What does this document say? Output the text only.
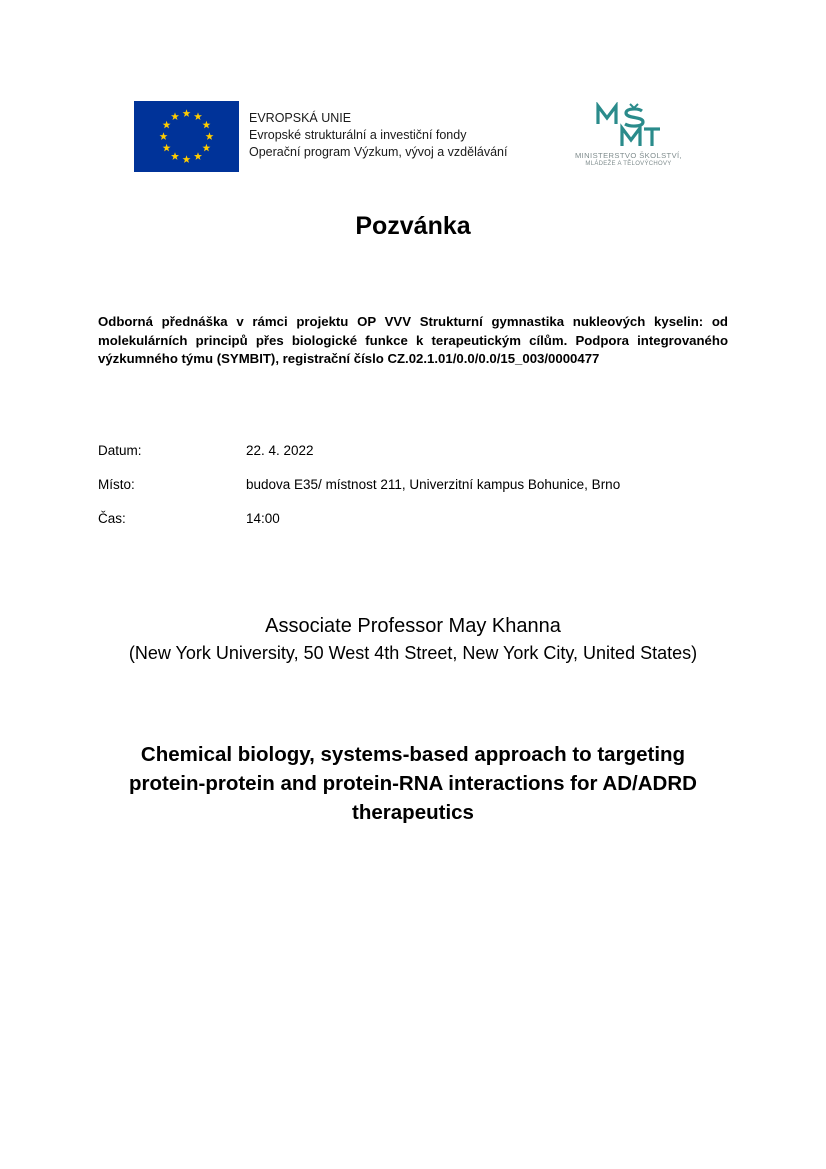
EVROPSKÁ UNIE
Evropské strukturální a investiční fondy
Operační program Výzkum, vývoj a vzdělávání	MINISTERSTVO ŠKOLSTVÍ,
MLÁDEŽE A TĚLOVÝCHOVY
Pozvánka
Odborná přednáška v rámci projektu OP VVV Strukturní gymnastika nukleových kyselin: od molekulárních principů přes biologické funkce k terapeutickým cílům. Podpora integrovaného výzkumného týmu (SYMBIT), registrační číslo CZ.02.1.01/0.0/0.0/15_003/0000477
Datum:	22. 4. 2022
Místo:	budova E35/ místnost 211, Univerzitní kampus Bohunice, Brno
Čas:	14:00
Associate Professor May Khanna
(New York University, 50 West 4th Street, New York City, United States)
Chemical biology, systems-based approach to targeting
protein-protein and protein-RNA interactions for AD/ADRD
therapeutics
